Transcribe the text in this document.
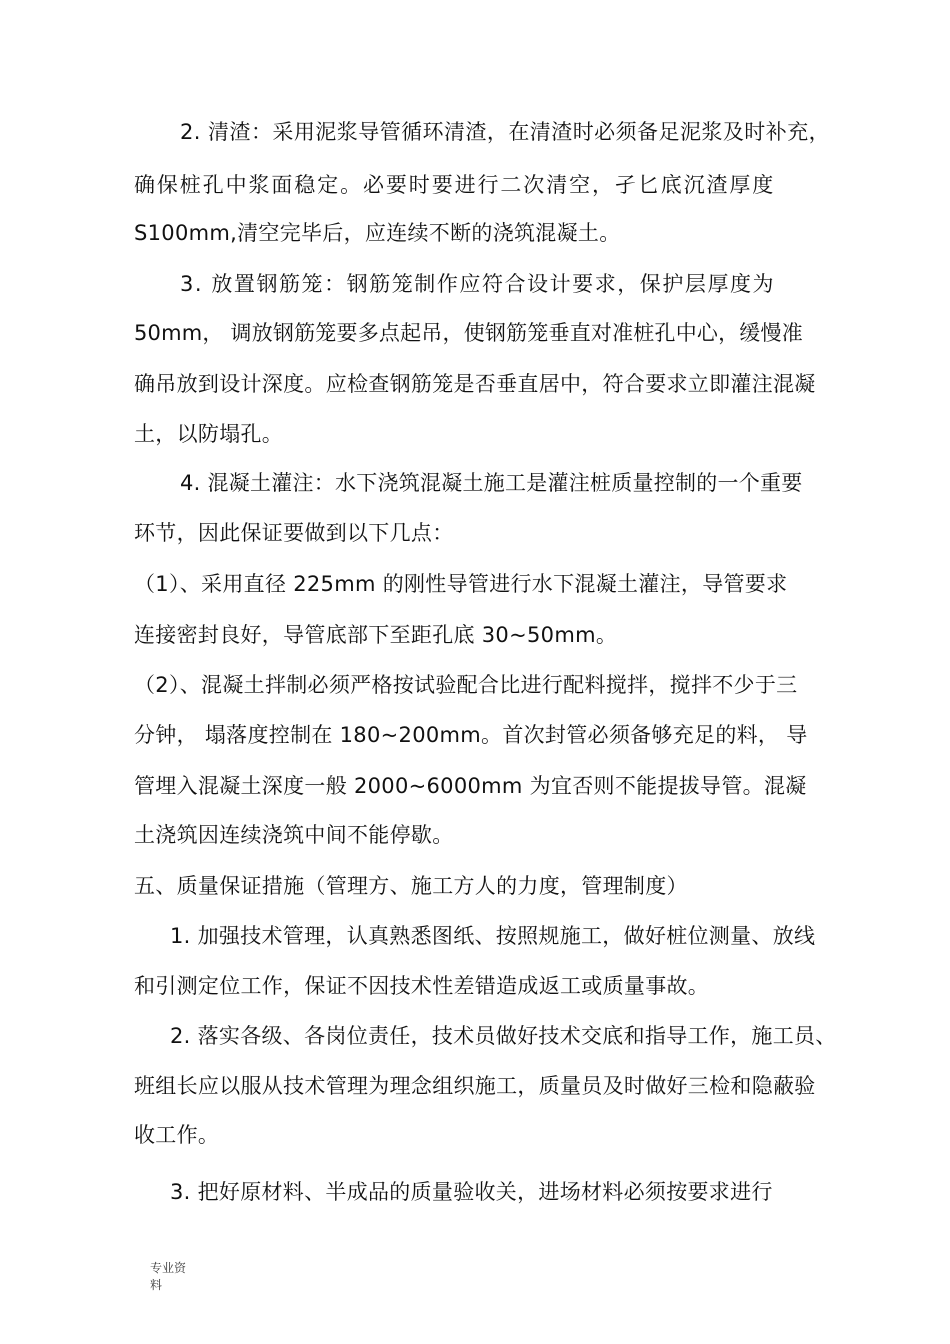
2. 清渣：采用泥浆导管循环清渣，在清渣时必须备足泥浆及时补充，
确保桩孔中浆面稳定。必要时要进行二次清空，孑匕底沉渣厚度
S100mm,清空完毕后，应连续不断的浇筑混凝土。
3. 放置钢筋笼：钢筋笼制作应符合设计要求，保护层厚度为
50mm， 调放钢筋笼要多点起吊，使钢筋笼垂直对准桩孔中心，缓慢准
确吊放到设计深度。应检查钢筋笼是否垂直居中，符合要求立即灌注混凝
土，以防塌孔。
4. 混凝土灌注：水下浇筑混凝土施工是灌注桩质量控制的一个重要
环节，因此保证要做到以下几点：
（1）、采用直径 225mm 的刚性导管进行水下混凝土灌注，导管要求
连接密封良好，导管底部下至距孔底 30~50mm。
（2）、混凝土拌制必须严格按试验配合比进行配料搅拌，搅拌不少于三
分钟， 塌落度控制在 180~200mm。首次封管必须备够充足的料， 导
管埋入混凝土深度一般 2000~6000mm 为宜否则不能提拔导管。混凝
土浇筑因连续浇筑中间不能停歇。
五、质量保证措施（管理方、施工方人的力度，管理制度）
1. 加强技术管理，认真熟悉图纸、按照规施工，做好桩位测量、放线
和引测定位工作，保证不因技术性差错造成返工或质量事故。
2. 落实各级、各岗位责任，技术员做好技术交底和指导工作，施工员、
班组长应以服从技术管理为理念组织施工，质量员及时做好三检和隐蔽验
收工作。
3. 把好原材料、半成品的质量验收关，进场材料必须按要求进行
专业资
料
